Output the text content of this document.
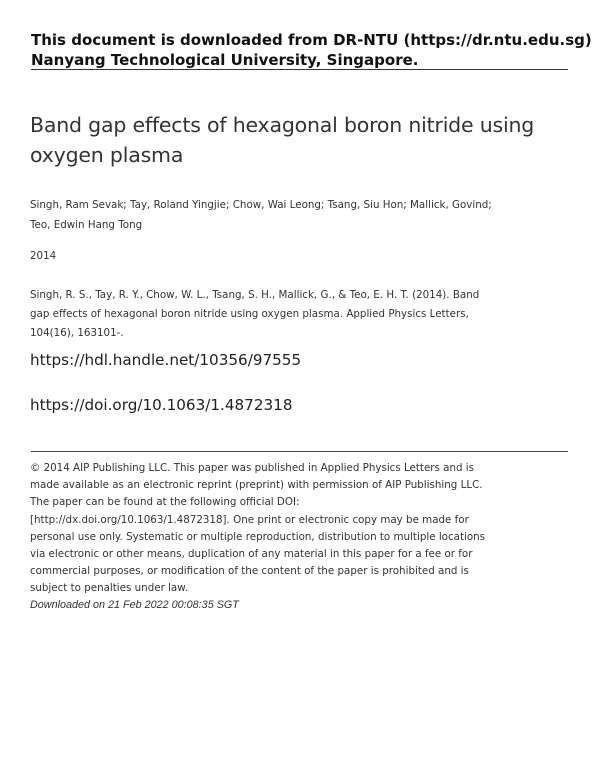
This document is downloaded from DR-NTU (https://dr.ntu.edu.sg)
Nanyang Technological University, Singapore.
Band gap effects of hexagonal boron nitride using oxygen plasma
Singh, Ram Sevak; Tay, Roland Yingjie; Chow, Wai Leong; Tsang, Siu Hon; Mallick, Govind; Teo, Edwin Hang Tong
2014
Singh, R. S., Tay, R. Y., Chow, W. L., Tsang, S. H., Mallick, G., & Teo, E. H. T. (2014). Band gap effects of hexagonal boron nitride using oxygen plasma. Applied Physics Letters, 104(16), 163101-.
https://hdl.handle.net/10356/97555
https://doi.org/10.1063/1.4872318
© 2014 AIP Publishing LLC. This paper was published in Applied Physics Letters and is made available as an electronic reprint (preprint) with permission of AIP Publishing LLC. The paper can be found at the following official DOI: [http://dx.doi.org/10.1063/1.4872318]. One print or electronic copy may be made for personal use only. Systematic or multiple reproduction, distribution to multiple locations via electronic or other means, duplication of any material in this paper for a fee or for commercial purposes, or modification of the content of the paper is prohibited and is subject to penalties under law.
Downloaded on 21 Feb 2022 00:08:35 SGT
